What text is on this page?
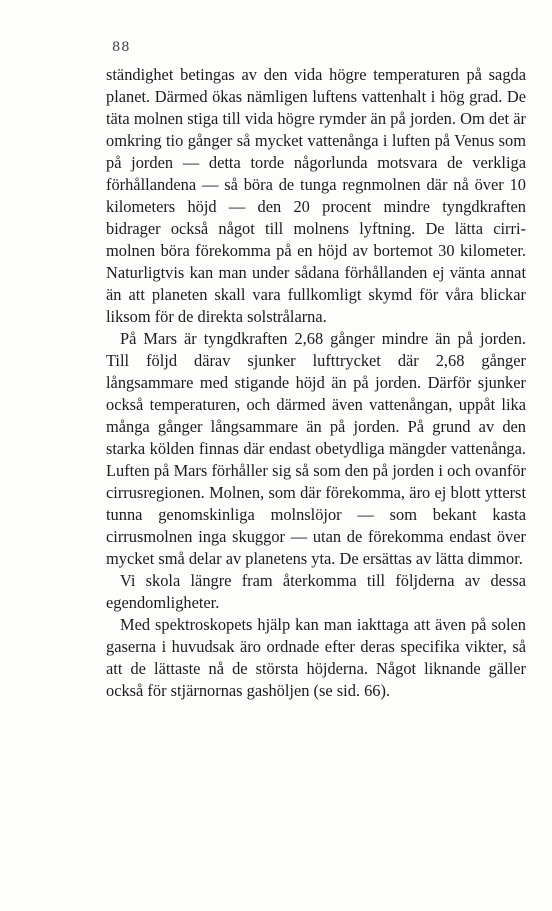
88

ständighet betingas av den vida högre temperaturen på sagda planet. Därmed ökas nämligen luftens vattenhalt i hög grad. De täta molnen stiga till vida högre rymder än på jorden. Om det är omkring tio gånger så mycket vattenånga i luften på Venus som på jorden — detta torde någorlunda motsvara de verkliga förhållandena — så böra de tunga regnmolnen där nå över 10 kilometers höjd — den 20 procent mindre tyngdkraften bidrager också något till molnens lyftning. De lätta cirri-molnen böra förekomma på en höjd av bortemot 30 kilometer. Naturligtvis kan man under sådana förhållanden ej vänta annat än att planeten skall vara fullkomligt skymd för våra blickar liksom för de direkta solstrålarna.

På Mars är tyngdkraften 2,68 gånger mindre än på jorden. Till följd därav sjunker lufttrycket där 2,68 gånger långsammare med stigande höjd än på jorden. Därför sjunker också temperaturen, och därmed även vattenångan, uppåt lika många gånger långsammare än på jorden. På grund av den starka kölden finnas där endast obetydliga mängder vattenånga. Luften på Mars förhåller sig så som den på jorden i och ovanför cirrusregionen. Molnen, som där förekomma, äro ej blott ytterst tunna genomskinliga molnslöjor — som bekant kasta cirrusmolnen inga skuggor — utan de förekomma endast över mycket små delar av planetens yta. De ersättas av lätta dimmor.

Vi skola längre fram återkomma till följderna av dessa egendomligheter.

Med spektroskopets hjälp kan man iakttaga att även på solen gaserna i huvudsak äro ordnade efter deras specifika vikter, så att de lättaste nå de största höjderna. Något liknande gäller också för stjärnornas gashöljen (se sid. 66).
